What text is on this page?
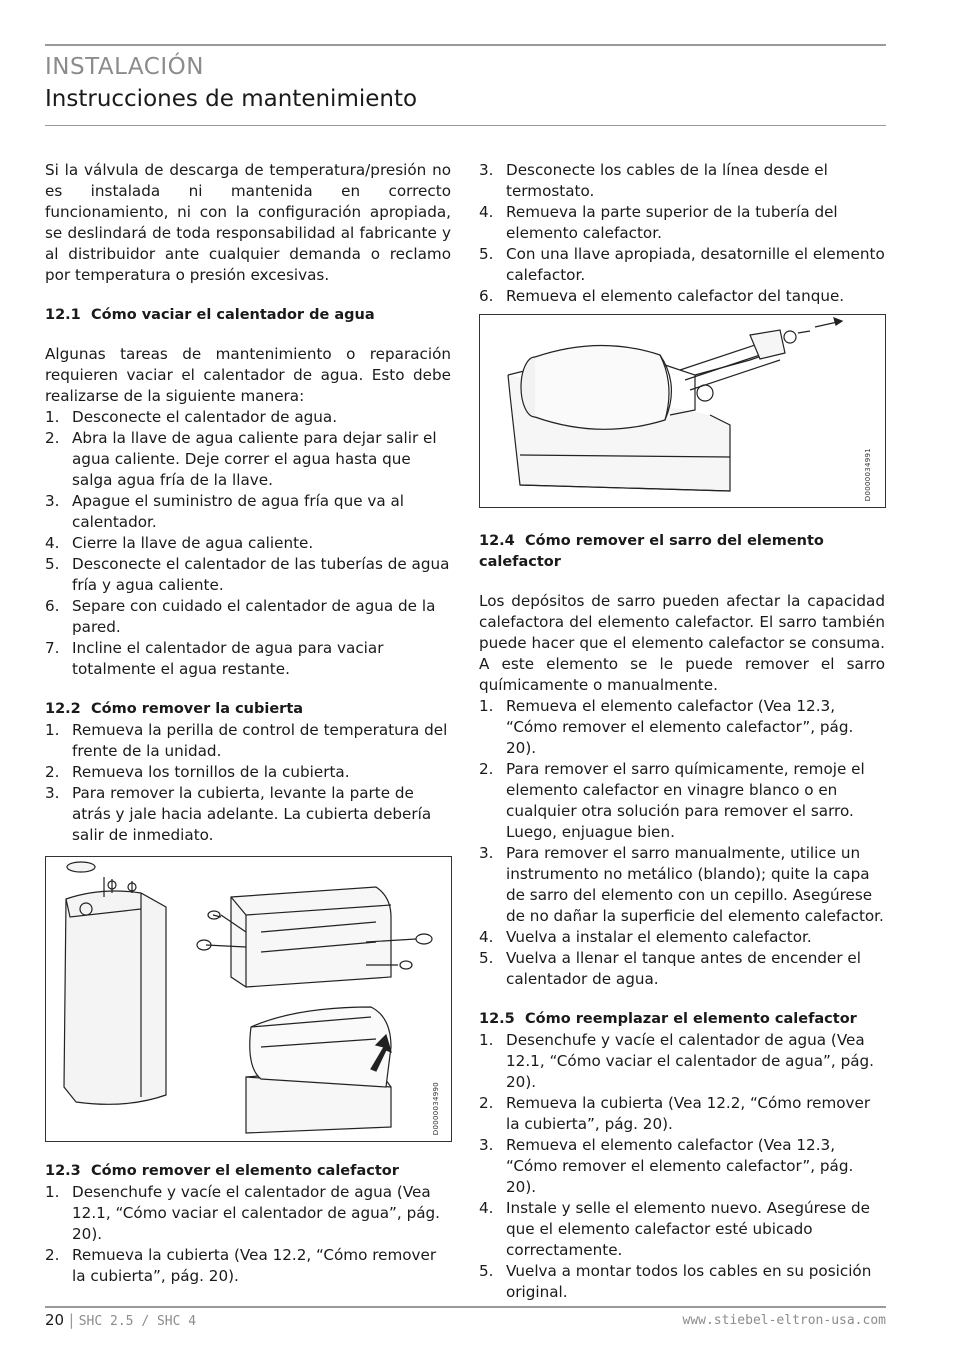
INSTALACIÓN
Instrucciones de mantenimiento

Si la válvula de descarga de temperatura/presión no es instalada ni mantenida en correcto funcionamiento, ni con la configuración apropiada, se deslindará de toda responsabilidad al fabricante y al distribuidor ante cualquier demanda o reclamo por temperatura o presión excesivas.

12.1 Cómo vaciar el calentador de agua

Algunas tareas de mantenimiento o reparación requieren vaciar el calentador de agua. Esto debe realizarse de la siguiente manera:

1. Desconecte el calentador de agua.
2. Abra la llave de agua caliente para dejar salir el agua caliente. Deje correr el agua hasta que salga agua fría de la llave.
3. Apague el suministro de agua fría que va al calentador.
4. Cierre la llave de agua caliente.
5. Desconecte el calentador de las tuberías de agua fría y agua caliente.
6. Separe con cuidado el calentador de agua de la pared.
7. Incline el calentador de agua para vaciar totalmente el agua restante.
12.2 Cómo remover la cubierta
1. Remueva la perilla de control de temperatura del frente de la unidad.
2. Remueva los tornillos de la cubierta.
3. Para remover la cubierta, levante la parte de atrás y jale hacia adelante. La cubierta debería salir de inmediato.
D0000034990
12.3 Cómo remover el elemento calefactor
1. Desenchufe y vacíe el calentador de agua (Vea 12.1, “Cómo vaciar el calentador de agua”, pág. 20).
2. Remueva la cubierta (Vea 12.2, “Cómo remover la cubierta”, pág. 20).
3. Desconecte los cables de la línea desde el termostato.
4. Remueva la parte superior de la tubería del elemento calefactor.
5. Con una llave apropiada, desatornille el elemento calefactor.
6. Remueva el elemento calefactor del tanque.
D0000034991
12.4 Cómo remover el sarro del elemento calefactor

Los depósitos de sarro pueden afectar la capacidad calefactora del elemento calefactor. El sarro también puede hacer que el elemento calefactor se consuma. A este elemento se le puede remover el sarro químicamente o manualmente.

1. Remueva el elemento calefactor (Vea 12.3, “Cómo remover el elemento calefactor”, pág. 20).
2. Para remover el sarro químicamente, remoje el elemento calefactor en vinagre blanco o en cualquier otra solución para remover el sarro. Luego, enjuague bien.
3. Para remover el sarro manualmente, utilice un instrumento no metálico (blando); quite la capa de sarro del elemento con un cepillo. Asegúrese de no dañar la superficie del elemento calefactor.
4. Vuelva a instalar el elemento calefactor.
5. Vuelva a llenar el tanque antes de encender el calentador de agua.
12.5 Cómo reemplazar el elemento calefactor
1. Desenchufe y vacíe el calentador de agua (Vea 12.1, “Cómo vaciar el calentador de agua”, pág. 20).
2. Remueva la cubierta (Vea 12.2, “Cómo remover la cubierta”, pág. 20).
3. Remueva el elemento calefactor (Vea 12.3, “Cómo remover el elemento calefactor”, pág. 20).
4. Instale y selle el elemento nuevo. Asegúrese de que el elemento calefactor esté ubicado correctamente.
5. Vuelva a montar todos los cables en su posición original.
20 | SHC 2.5 / SHC 4	www.stiebel-eltron-usa.com
